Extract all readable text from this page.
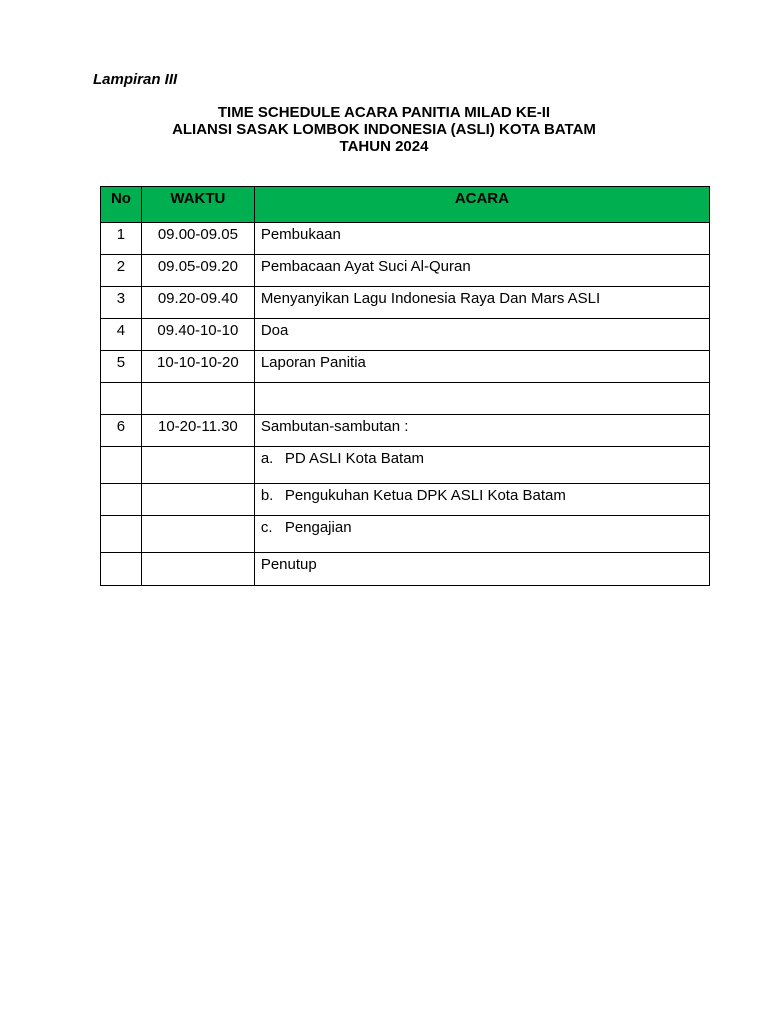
Lampiran III
TIME SCHEDULE ACARA PANITIA MILAD KE-II
ALIANSI SASAK LOMBOK INDONESIA (ASLI) KOTA BATAM
TAHUN 2024
No	WAKTU	ACARA
1	09.00-09.05	Pembukaan
2	09.05-09.20	Pembacaan Ayat Suci Al-Quran
3	09.20-09.40	Menyanyikan Lagu Indonesia Raya Dan Mars ASLI
4	09.40-10-10	Doa
5	10-10-10-20	Laporan Panitia

6	10-20-11.30	Sambutan-sambutan :
		a. PD ASLI Kota Batam
		b. Pengukuhan Ketua DPK ASLI Kota Batam
		c. Pengajian
		Penutup
